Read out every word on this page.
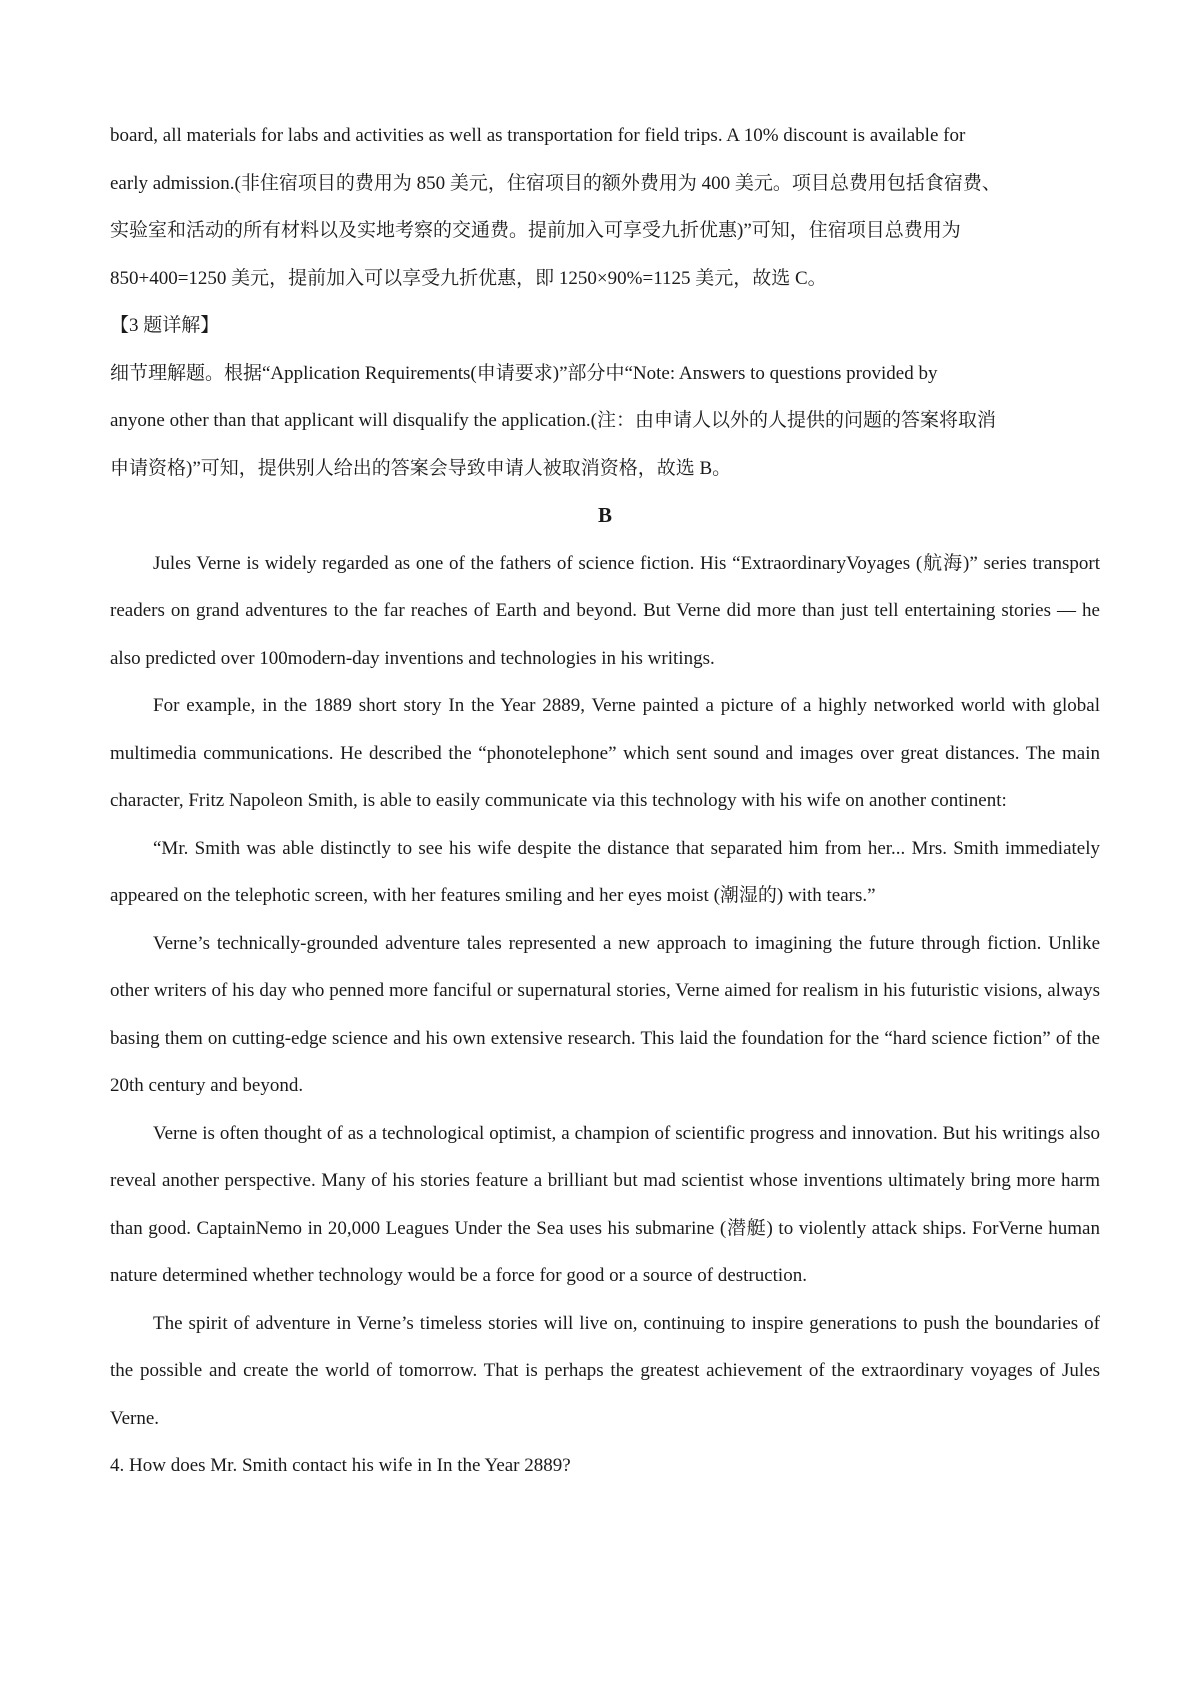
board, all materials for labs and activities as well as transportation for field trips. A 10% discount is available for

early admission.(非住宿项目的费用为 850 美元，住宿项目的额外费用为 400 美元。项目总费用包括食宿费、

实验室和活动的所有材料以及实地考察的交通费。提前加入可享受九折优惠)”可知，住宿项目总费用为

850+400=1250 美元，提前加入可以享受九折优惠，即 1250×90%=1125 美元，故选 C。

【3 题详解】

细节理解题。根据“Application Requirements(申请要求)”部分中“Note: Answers to questions provided by

anyone other than that applicant will disqualify the application.(注：由申请人以外的人提供的问题的答案将取消

申请资格)”可知，提供别人给出的答案会导致申请人被取消资格，故选 B。

B

Jules Verne is widely regarded as one of the fathers of science fiction. His “ExtraordinaryVoyages (航海)” series transport readers on grand adventures to the far reaches of Earth and beyond. But Verne did more than just tell entertaining stories — he also predicted over 100modern-day inventions and technologies in his writings.

For example, in the 1889 short story In the Year 2889, Verne painted a picture of a highly networked world with global multimedia communications. He described the “phonotelephone” which sent sound and images over great distances. The main character, Fritz Napoleon Smith, is able to easily communicate via this technology with his wife on another continent:

“Mr. Smith was able distinctly to see his wife despite the distance that separated him from her... Mrs. Smith immediately appeared on the telephotic screen, with her features smiling and her eyes moist (潮湿的) with tears.”

Verne’s technically-grounded adventure tales represented a new approach to imagining the future through fiction. Unlike other writers of his day who penned more fanciful or supernatural stories, Verne aimed for realism in his futuristic visions, always basing them on cutting-edge science and his own extensive research. This laid the foundation for the “hard science fiction” of the 20th century and beyond.

Verne is often thought of as a technological optimist, a champion of scientific progress and innovation. But his writings also reveal another perspective. Many of his stories feature a brilliant but mad scientist whose inventions ultimately bring more harm than good. CaptainNemo in 20,000 Leagues Under the Sea uses his submarine (潜艇) to violently attack ships. ForVerne human nature determined whether technology would be a force for good or a source of destruction.

The spirit of adventure in Verne’s timeless stories will live on, continuing to inspire generations to push the boundaries of the possible and create the world of tomorrow. That is perhaps the greatest achievement of the extraordinary voyages of Jules Verne.

4. How does Mr. Smith contact his wife in In the Year 2889?
